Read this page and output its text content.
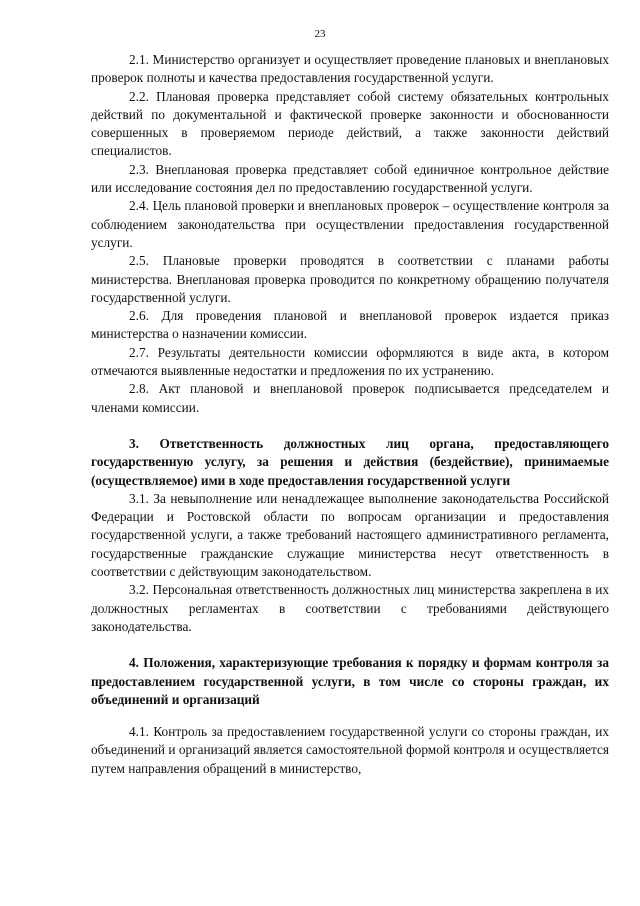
23

2.1. Министерство организует и осуществляет проведение плановых и внеплановых проверок полноты и качества предоставления государственной услуги.

2.2. Плановая проверка представляет собой систему обязательных контрольных действий по документальной и фактической проверке законности и обоснованности совершенных в проверяемом периоде действий, а также законности действий специалистов.

2.3. Внеплановая проверка представляет собой единичное контрольное действие или исследование состояния дел по предоставлению государственной услуги.

2.4. Цель плановой проверки и внеплановых проверок – осуществление контроля за соблюдением законодательства при осуществлении предоставления государственной услуги.

2.5. Плановые проверки проводятся в соответствии с планами работы министерства. Внеплановая проверка проводится по конкретному обращению получателя государственной услуги.

2.6. Для проведения плановой и внеплановой проверок издается приказ министерства о назначении комиссии.

2.7. Результаты деятельности комиссии оформляются в виде акта, в котором отмечаются выявленные недостатки и предложения по их устранению.

2.8. Акт плановой и внеплановой проверок подписывается председателем и членами комиссии.

3. Ответственность должностных лиц органа, предоставляющего государственную услугу, за решения и действия (бездействие), принимаемые (осуществляемое) ими в ходе предоставления государственной услуги

3.1. За невыполнение или ненадлежащее выполнение законодательства Российской Федерации и Ростовской области по вопросам организации и предоставления государственной услуги, а также требований настоящего административного регламента, государственные гражданские служащие министерства несут ответственность в соответствии с действующим законодательством.

3.2. Персональная ответственность должностных лиц министерства закреплена в их должностных регламентах в соответствии с требованиями действующего законодательства.

4. Положения, характеризующие требования к порядку и формам контроля за предоставлением государственной услуги, в том числе со стороны граждан, их объединений и организаций

4.1. Контроль за предоставлением государственной услуги со стороны граждан, их объединений и организаций является самостоятельной формой контроля и осуществляется путем направления обращений в министерство,
